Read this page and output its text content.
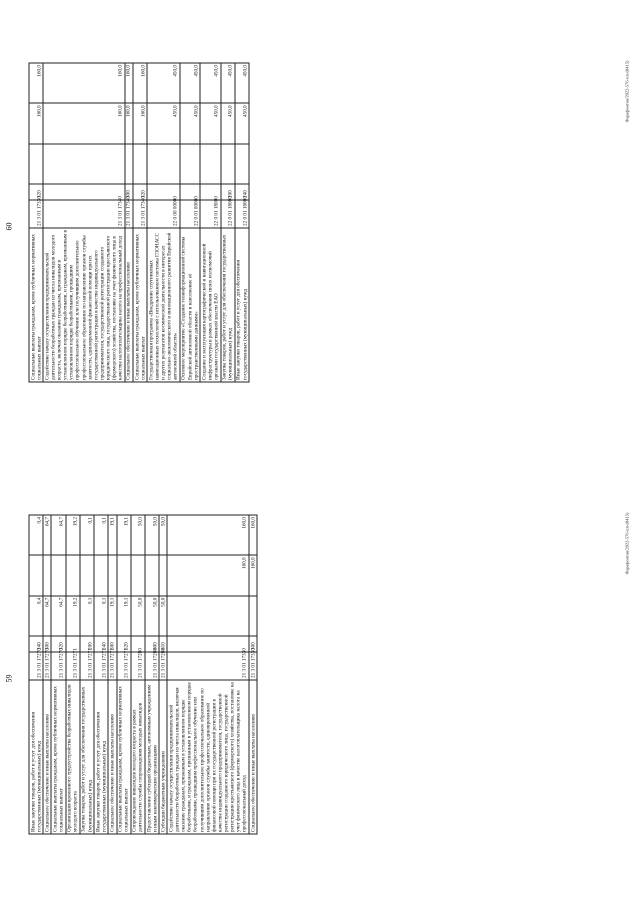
60
Социальные выплаты гражданам, кроме публичных нормативных социальных выплат	21 3 01 17330	320		160,0	160,0
Содействие началу осуществления предпринимательской деятельности безработных граждан из числа инвалидов молодого возраста, включая оказание гражданам, признанным в установленном порядке безработными, и гражданам, признанным в установленном порядке безработными, прошедшим профессиональное обучение или получившим дополнительное профессиональное образование по направлению органов службы занятости, единовременной финансовой помощи при их государственной регистрации в качестве индивидуального предпринимателя, государственной регистрации созданного юридического лица, государственной регистрации крестьянского (фермерского) хозяйства, постановке на учет физического лица в качестве налогоплательщика налога на профессиональный доход	21 3 01 17340			160,0	160,0
Социальное обеспечение и иные выплаты населению	21 3 01 17340	300		160,0	160,0
Социальные выплаты гражданам, кроме публичных нормативных социальных выплат	21 3 01 17340	320		160,0	160,0
Государственная программа «Внедрение спутниковых навигационных технологий с использованием системы ГЛОНАСС и других результатов космической деятельности в интересах социально-экономического и инновационного развития Еврейской автономной области»	22 0 00 00000			450,0	450,0
Основное мероприятие «Создание геоинформационной системы Еврейской автономной области и наполнение её пространственными данными»	22 0 01 00000			450,0	450,0
Создание и эксплуатация картографической и навигационной инфраструктуры в рамках обеспечения своих полномочий органами государственной власти ЕАО	22 0 01 18000			450,0	450,0
Закупка товаров, работ и услуг для обеспечения государственных (муниципальных) нужд	22 0 01 18000	200		450,0	450,0
Иные закупки товаров, работ и услуг для обеспечения государственных (муниципальных) нужд	22 0 01 18000	240		450,0	450,0	Фарафонтов/2022-576-пп-(8415)
59
Иные закупки товаров, работ и услуг для обеспечения государственных (муниципальных) нужд	21 3 01 17270	240	0,4		0,4
Социальное обеспечение и иные выплаты населению	21 3 01 17270	300	64,7		64,7
Социальные выплаты гражданам, кроме публичных нормативных социальных выплат	21 3 01 17270	320	64,7		64,7
Организация временного трудоустройства безработных инвалидов молодого возраста	21 3 01 17271		19,2		19,2
Закупка товаров, работ и услуг для обеспечения государственных (муниципальных) нужд	21 3 01 17271	200	0,1		0,1
Иные закупки товаров, работ и услуг для обеспечения государственных (муниципальных) нужд	21 3 01 17271	240	0,1		0,1
Социальное обеспечение и иные выплаты населению	21 3 01 17271	300	19,1		19,1
Социальные выплаты гражданам, кроме публичных нормативных социальных выплат	21 3 01 17271	320	19,1		19,1
Сопровождение инвалидов молодого возраста в рамках деятельности службы сопровождения молодых инвалидов	21 3 01 17280		50,0		50,0
Предоставление субсидий бюджетным, автономным учреждениям и иным некоммерческим организациям	21 3 01 17280	600	50,0		50,0
Субсидии бюджетным учреждениям	21 3 01 17280	610	50,0		50,0
Содействие началу осуществления предпринимательской деятельности безработных граждан из числа инвалидов, включая оказание гражданам, признанным в установленном порядке безработными, и гражданам, признанным в установленном порядке безработными, прошедшим профессиональное обучение или получившим дополнительное профессиональное образование по направлению органов службы занятости, единовременной финансовой помощи при их государственной регистрации в качестве индивидуального предпринимателя, государственной регистрации созданного юридического лица, государственной регистрации крестьянского (фермерского) хозяйства, постановке на учет физического лица в качестве налогоплательщика налога на профессиональный доход	21 3 01 17330			160,0	160,0
Социальное обеспечение и иные выплаты населению	21 3 01 17330	300		160,0	160,0	Фарафонтов/2022-576-пп-(8415)
